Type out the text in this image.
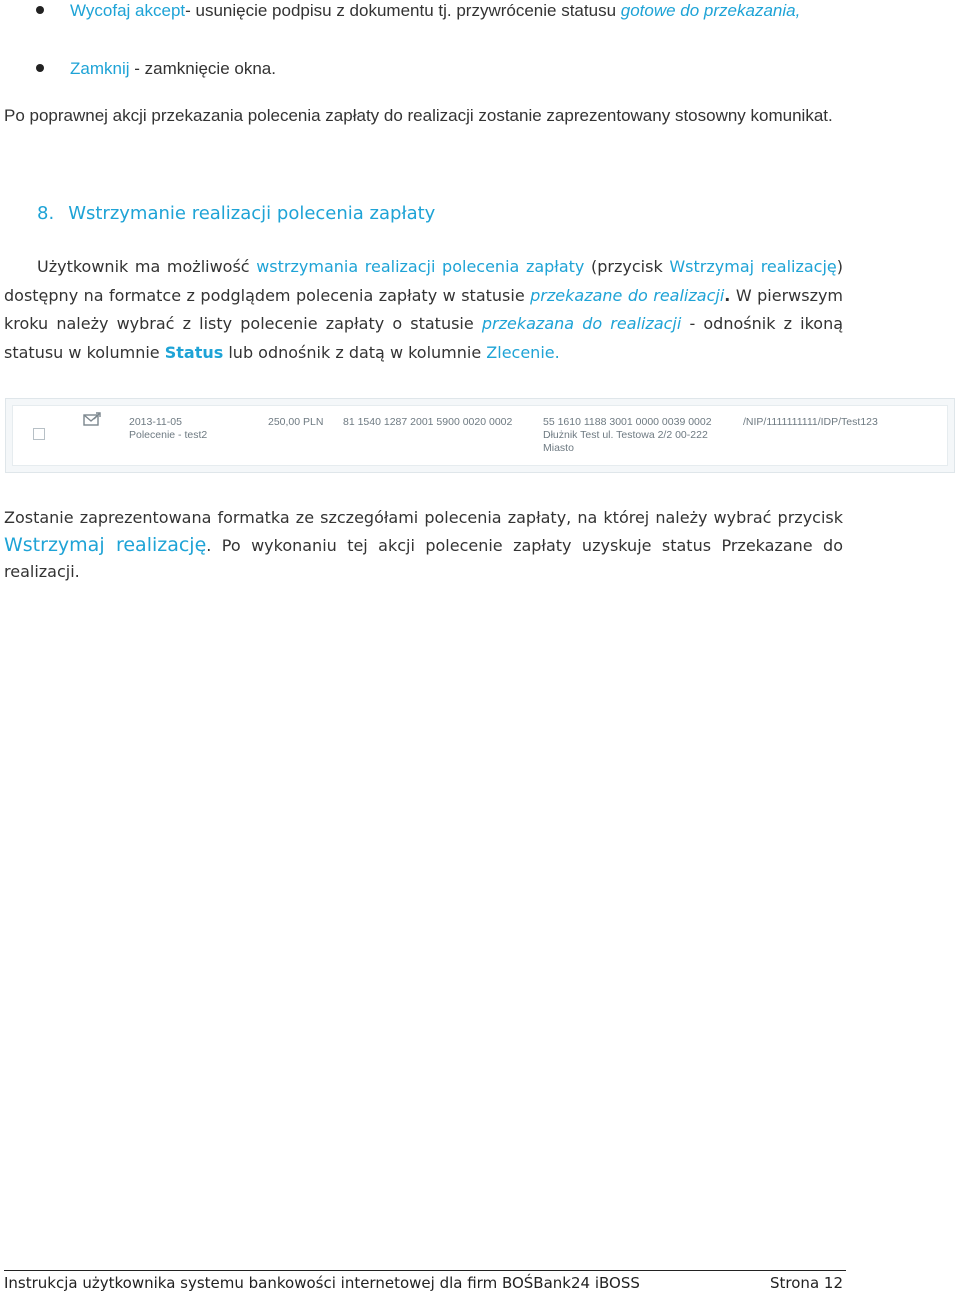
Wycofaj akcept- usunięcie podpisu z dokumentu tj. przywrócenie statusu gotowe do przekazania,
Zamknij - zamknięcie okna.
Po poprawnej akcji przekazania polecenia zapłaty do realizacji zostanie zaprezentowany stosowny komunikat.
8. Wstrzymanie realizacji polecenia zapłaty
Użytkownik ma możliwość wstrzymania realizacji polecenia zapłaty (przycisk Wstrzymaj realizację) dostępny na formatce z podglądem polecenia zapłaty w statusie przekazane do realizacji. W pierwszym kroku należy wybrać z listy polecenie zapłaty o statusie przekazana do realizacji - odnośnik z ikoną statusu w kolumnie Status lub odnośnik z datą w kolumnie Zlecenie.
2013-11-05
Polecenie - test2
250,00 PLN 81 1540 1287 2001 5900 0020 0002	55 1610 1188 3001 0000 0039 0002
Dłużnik Test ul. Testowa 2/2 00-222
Miasto
/NIP/1111111111/IDP/Test123
Zostanie zaprezentowana formatka ze szczegółami polecenia zapłaty, na której należy wybrać przycisk Wstrzymaj realizację. Po wykonaniu tej akcji polecenie zapłaty uzyskuje status Przekazane do realizacji.
Instrukcja użytkownika systemu bankowości internetowej dla firm BOŚBank24 iBOSS	Strona 12
